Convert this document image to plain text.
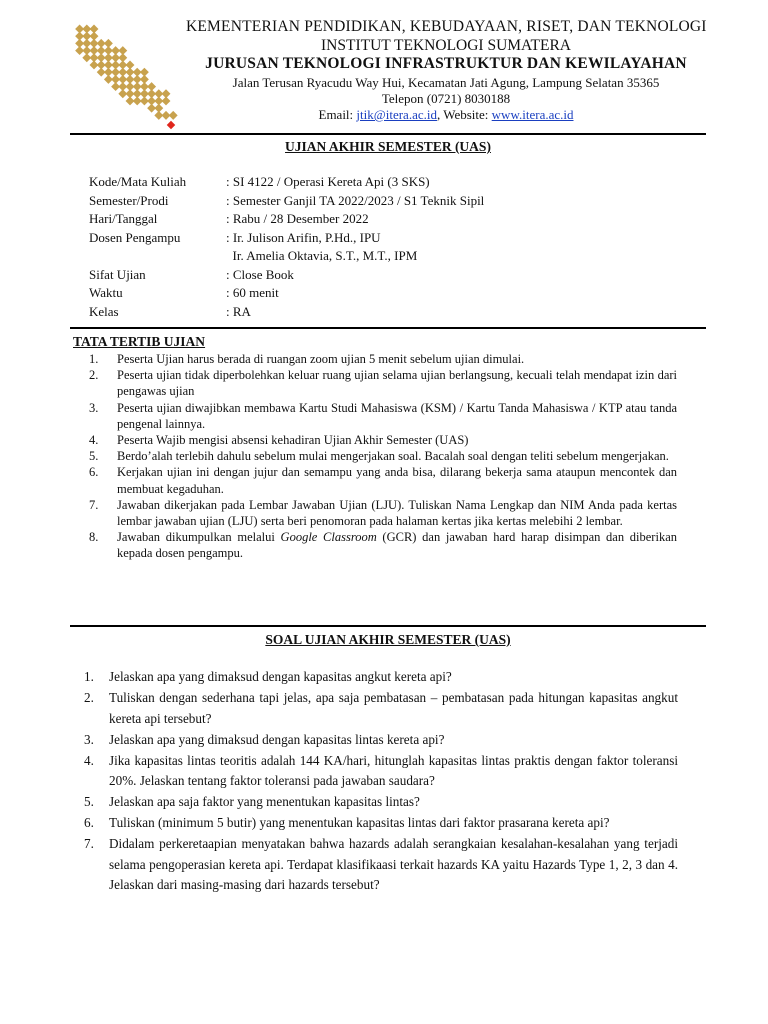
KEMENTERIAN PENDIDIKAN, KEBUDAYAAN, RISET, DAN TEKNOLOGI
INSTITUT TEKNOLOGI SUMATERA
JURUSAN TEKNOLOGI INFRASTRUKTUR DAN KEWILAYAHAN
Jalan Terusan Ryacudu Way Hui, Kecamatan Jati Agung, Lampung Selatan 35365
Telepon (0721) 8030188
Email: jtik@itera.ac.id, Website: www.itera.ac.id
UJIAN AKHIR SEMESTER (UAS)
Kode/Mata Kuliah	: SI 4122 / Operasi Kereta Api (3 SKS)
Semester/Prodi	: Semester Ganjil TA 2022/2023 / S1 Teknik Sipil
Hari/Tanggal	: Rabu / 28 Desember 2022
Dosen Pengampu	: Ir. Julison Arifin, P.Hd., IPU
Ir. Amelia Oktavia, S.T., M.T., IPM
Sifat Ujian	: Close Book
Waktu	: 60 menit
Kelas	: RA
TATA TERTIB UJIAN
1.	Peserta Ujian harus berada di ruangan zoom ujian 5 menit sebelum ujian dimulai.
2.	Peserta ujian tidak diperbolehkan keluar ruang ujian selama ujian berlangsung, kecuali telah mendapat izin dari pengawas ujian
3.	Peserta ujian diwajibkan membawa Kartu Studi Mahasiswa (KSM) / Kartu Tanda Mahasiswa / KTP atau tanda pengenal lainnya.
4.	Peserta Wajib mengisi absensi kehadiran Ujian Akhir Semester (UAS)
5.	Berdo’alah terlebih dahulu sebelum mulai mengerjakan soal. Bacalah soal dengan teliti sebelum mengerjakan.
6.	Kerjakan ujian ini dengan jujur dan semampu yang anda bisa, dilarang bekerja sama ataupun mencontek dan membuat kegaduhan.
7.	Jawaban dikerjakan pada Lembar Jawaban Ujian (LJU). Tuliskan Nama Lengkap dan NIM Anda pada kertas lembar jawaban ujian (LJU) serta beri penomoran pada halaman kertas jika kertas melebihi 2 lembar.
8.	Jawaban dikumpulkan melalui Google Classroom (GCR) dan jawaban hard harap disimpan dan diberikan kepada dosen pengampu.
SOAL UJIAN AKHIR SEMESTER (UAS)
1.	Jelaskan apa yang dimaksud dengan kapasitas angkut kereta api?
2.	Tuliskan dengan sederhana tapi jelas, apa saja pembatasan – pembatasan pada hitungan kapasitas angkut kereta api tersebut?
3.	Jelaskan apa yang dimaksud dengan kapasitas lintas kereta api?
4.	Jika kapasitas lintas teoritis adalah 144 KA/hari, hitunglah kapasitas lintas praktis dengan faktor toleransi 20%. Jelaskan tentang faktor toleransi pada jawaban saudara?
5.	Jelaskan apa saja faktor yang menentukan kapasitas lintas?
6.	Tuliskan (minimum 5 butir) yang menentukan kapasitas lintas dari faktor prasarana kereta api?
7.	Didalam perkeretaapian menyatakan bahwa hazards adalah serangkaian kesalahan-kesalahan yang terjadi selama pengoperasian kereta api. Terdapat klasifikaasi terkait hazards KA yaitu Hazards Type 1, 2, 3 dan 4. Jelaskan dari masing-masing dari hazards tersebut?
